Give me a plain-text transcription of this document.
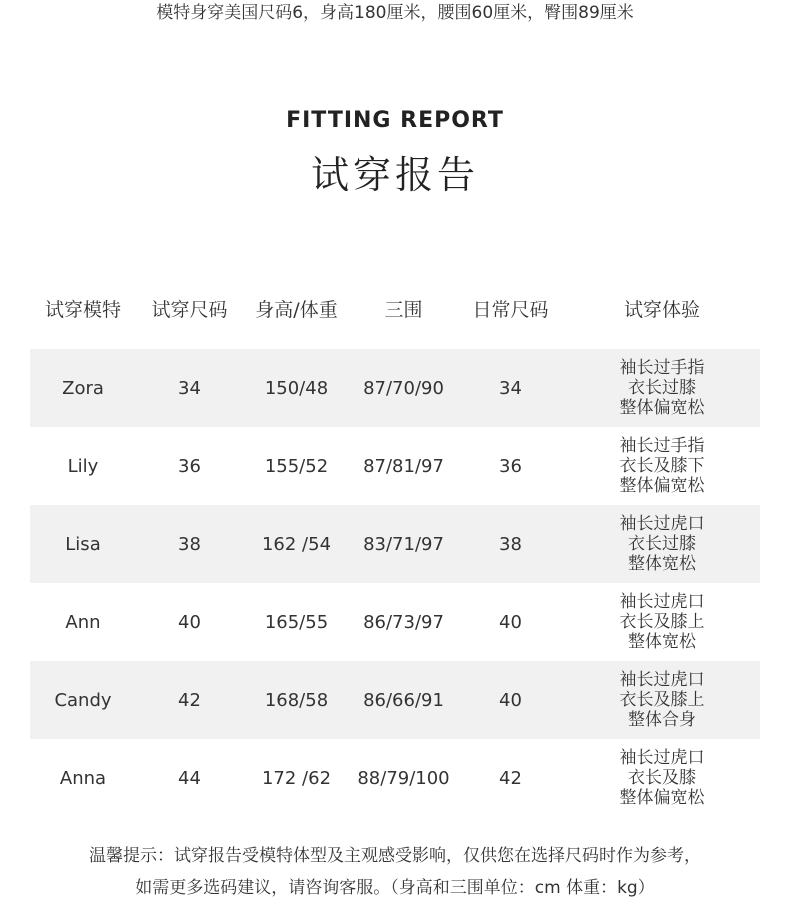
模特身穿美国尺码6，身高180厘米，腰围60厘米，臀围89厘米
FITTING REPORT
试穿报告
试穿模特	试穿尺码	身高/体重	三围	日常尺码	试穿体验
Zora	34	150/48	87/70/90	34
袖长过手指
衣长过膝
整体偏宽松
Lily	36	155/52	87/81/97	36
袖长过手指
衣长及膝下
整体偏宽松
Lisa	38	162 /54	83/71/97	38
袖长过虎口
衣长过膝
整体宽松
Ann	40	165/55	86/73/97	40
袖长过虎口
衣长及膝上
整体宽松
Candy	42	168/58	86/66/91	40
袖长过虎口
衣长及膝上
整体合身
Anna	44	172 /62	88/79/100	42
袖长过虎口
衣长及膝
整体偏宽松
温馨提示：试穿报告受模特体型及主观感受影响，仅供您在选择尺码时作为参考，
如需更多选码建议，请咨询客服。（身高和三围单位：cm 体重：kg）
